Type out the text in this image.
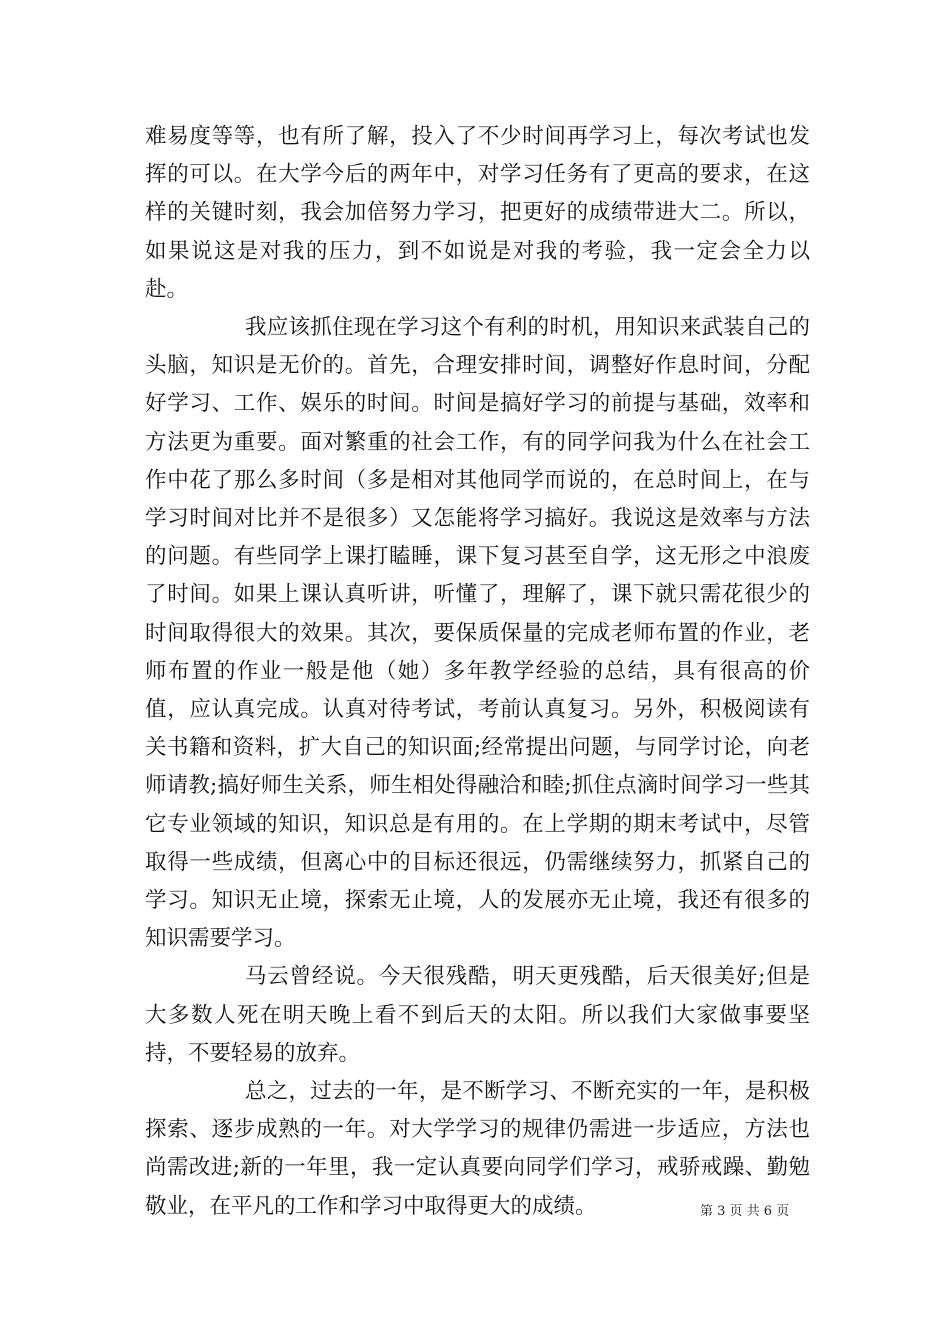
难易度等等，也有所了解，投入了不少时间再学习上，每次考试也发挥的可以。在大学今后的两年中，对学习任务有了更高的要求，在这样的关键时刻，我会加倍努力学习，把更好的成绩带进大二。所以，如果说这是对我的压力，到不如说是对我的考验，我一定会全力以赴。

我应该抓住现在学习这个有利的时机，用知识来武装自己的头脑，知识是无价的。首先，合理安排时间，调整好作息时间，分配好学习、工作、娱乐的时间。时间是搞好学习的前提与基础，效率和方法更为重要。面对繁重的社会工作，有的同学问我为什么在社会工作中花了那么多时间（多是相对其他同学而说的，在总时间上，在与学习时间对比并不是很多）又怎能将学习搞好。我说这是效率与方法的问题。有些同学上课打瞌睡，课下复习甚至自学，这无形之中浪废了时间。如果上课认真听讲，听懂了，理解了，课下就只需花很少的时间取得很大的效果。其次，要保质保量的完成老师布置的作业，老师布置的作业一般是他（她）多年教学经验的总结，具有很高的价值，应认真完成。认真对待考试，考前认真复习。另外，积极阅读有关书籍和资料，扩大自己的知识面;经常提出问题，与同学讨论，向老师请教;搞好师生关系，师生相处得融洽和睦;抓住点滴时间学习一些其它专业领域的知识，知识总是有用的。在上学期的期末考试中，尽管取得一些成绩，但离心中的目标还很远，仍需继续努力，抓紧自己的学习。知识无止境，探索无止境，人的发展亦无止境，我还有很多的知识需要学习。

马云曾经说。今天很残酷，明天更残酷，后天很美好;但是大多数人死在明天晚上看不到后天的太阳。所以我们大家做事要坚持，不要轻易的放弃。

总之，过去的一年，是不断学习、不断充实的一年，是积极探索、逐步成熟的一年。对大学学习的规律仍需进一步适应，方法也尚需改进;新的一年里，我一定认真要向同学们学习，戒骄戒躁、勤勉敬业，在平凡的工作和学习中取得更大的成绩。	第 3 页 共 6 页
